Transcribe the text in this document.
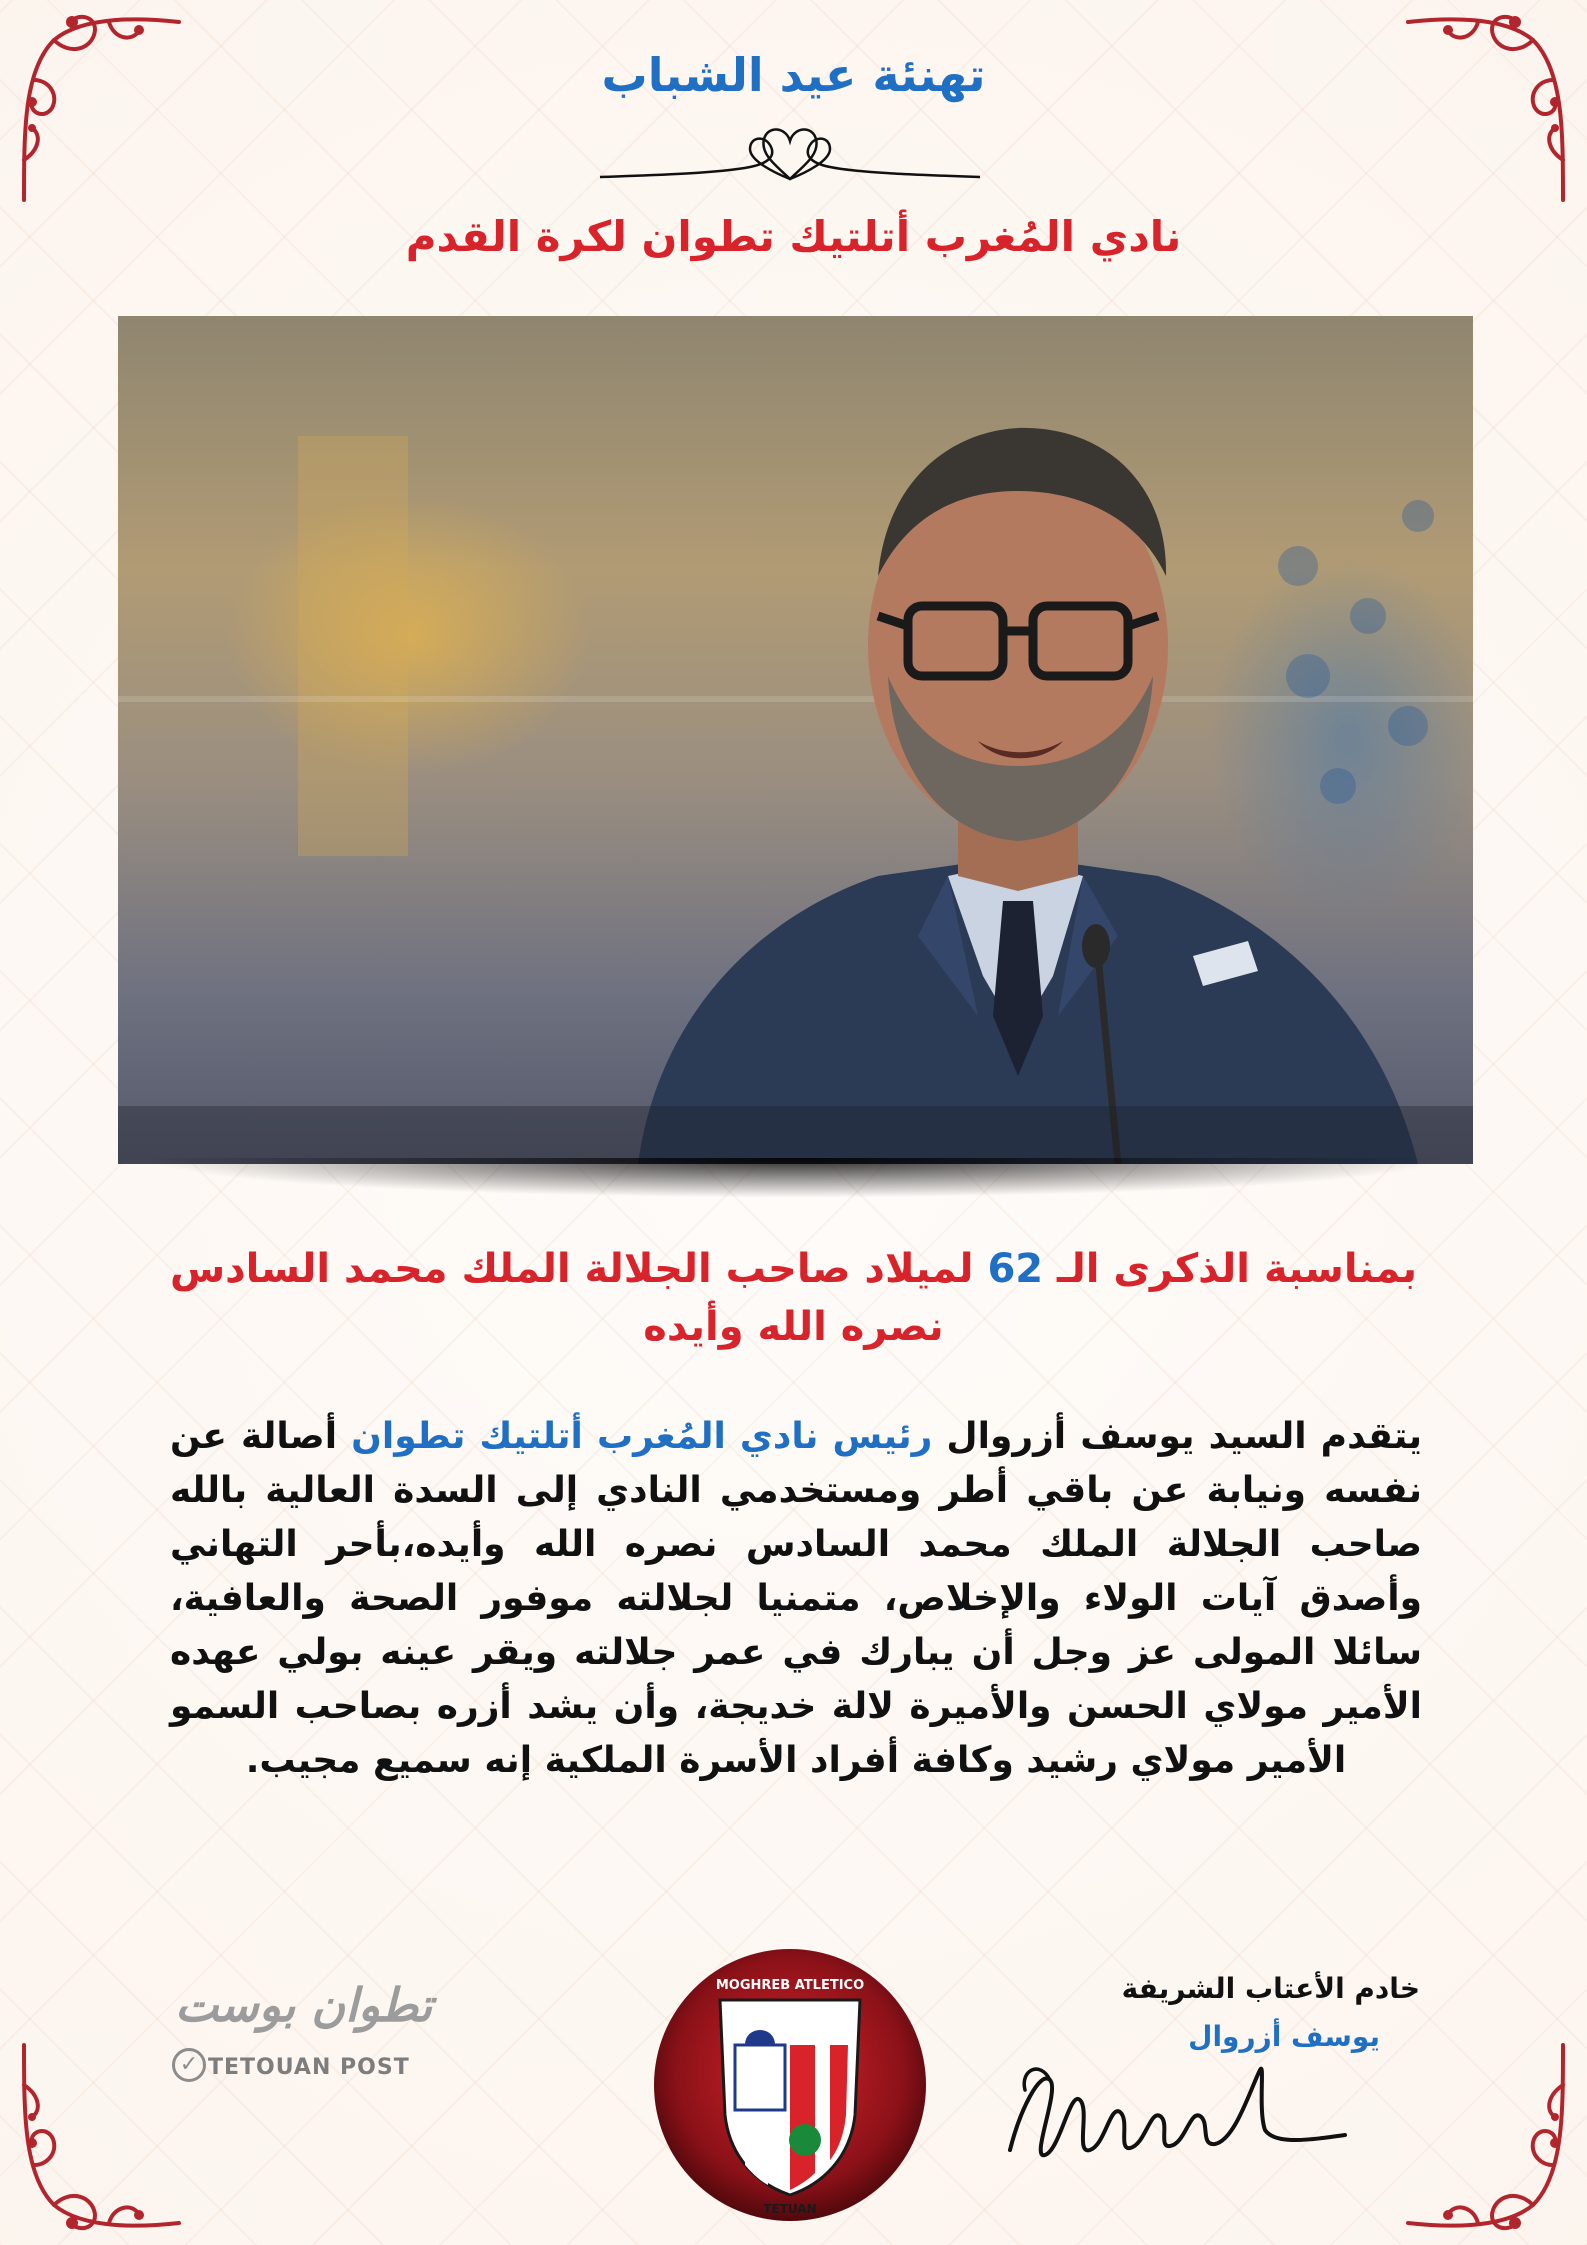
تهنئة عيد الشباب
نادي المُغرب أتلتيك تطوان لكرة القدم
بمناسبة الذكرى الـ 62 لميلاد صاحب الجلالة الملك محمد السادس نصره الله وأيده
يتقدم السيد يوسف أزروال رئيس نادي المُغرب أتلتيك تطوان أصالة عن نفسه ونيابة عن باقي أطر ومستخدمي النادي إلى السدة العالية بالله صاحب الجلالة الملك محمد السادس نصره الله وأيده،بأحر التهاني وأصدق آيات الولاء والإخلاص، متمنيا لجلالته موفور الصحة والعافية، سائلا المولى عز وجل أن يبارك في عمر جلالته ويقر عينه بولي عهده الأمير مولاي الحسن والأميرة لالة خديجة، وأن يشد أزره بصاحب السمو الأمير مولاي رشيد وكافة أفراد الأسرة الملكية إنه سميع مجيب.
تطوان بوست
✓ TETOUAN POST
MOGHREB ATLETICO
TETUAN
خادم الأعتاب الشريفة
يوسف أزروال
